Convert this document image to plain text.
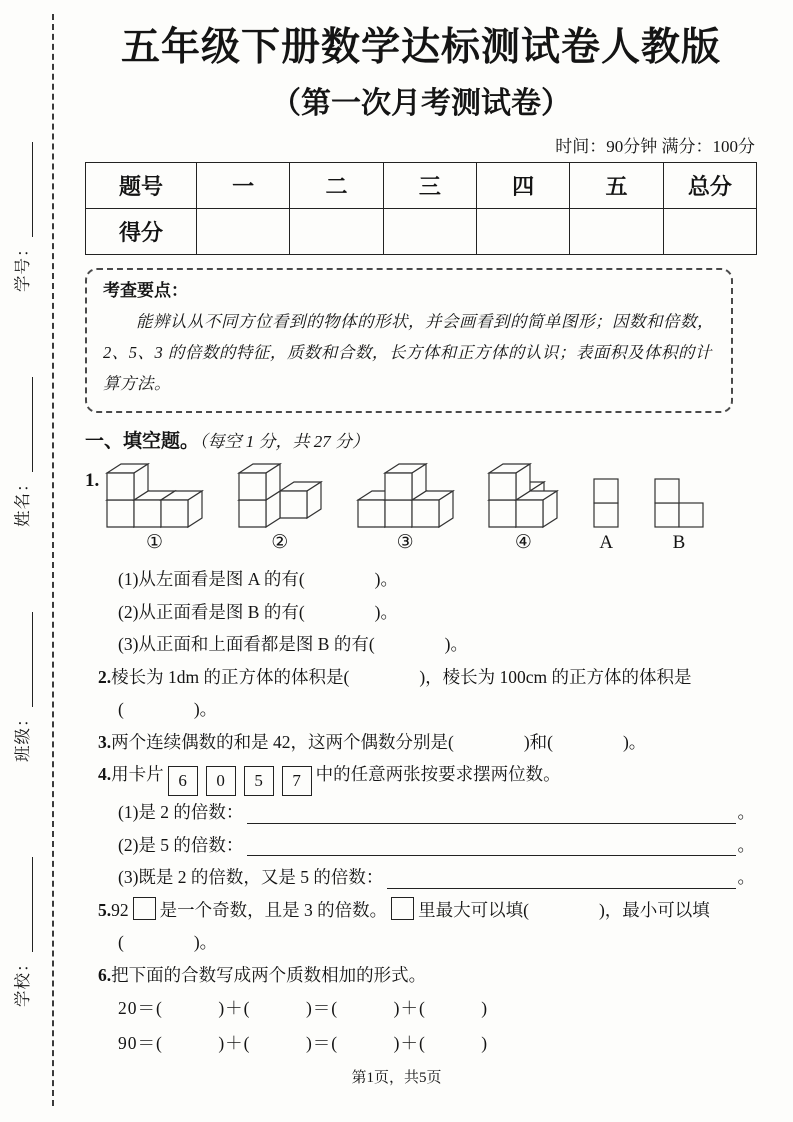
学号：
姓名：
班级：
学校：
五年级下册数学达标测试卷人教版
（第一次月考测试卷）
时间：90分钟 满分：100分
题号	一	二	三	四	五	总分
得分						
考查要点：

能辨认从不同方位看到的物体的形状，并会画看到的简单图形；因数和倍数，2、5、3 的倍数的特征，质数和合数，长方体和正方体的认识；表面积及体积的计算方法。

一、填空题。（每空 1 分，共 27 分）
1.
①	②	③	④	A	B
(1)从左面看是图 A 的有(　　　　)。
(2)从正面看是图 B 的有(　　　　)。
(3)从正面和上面看都是图 B 的有(　　　　)。
2.棱长为 1dm 的正方体的体积是(　　　　)，棱长为 100cm 的正方体的体积是
(　　　　)。
3.两个连续偶数的和是 42，这两个偶数分别是(　　　　)和(　　　　)。
4.用卡片 6 0 5 7 中的任意两张按要求摆两位数。
(1)是 2 的倍数：	。
(2)是 5 的倍数：	。
(3)既是 2 的倍数，又是 5 的倍数：	。
5.92 是一个奇数，且是 3 的倍数。 里最大可以填(　　　　)，最小可以填
(　　　　)。
6.把下面的合数写成两个质数相加的形式。
20＝(　　　)＋(　　　)＝(　　　)＋(　　　)
90＝(　　　)＋(　　　)＝(　　　)＋(　　　)
第1页，共5页
